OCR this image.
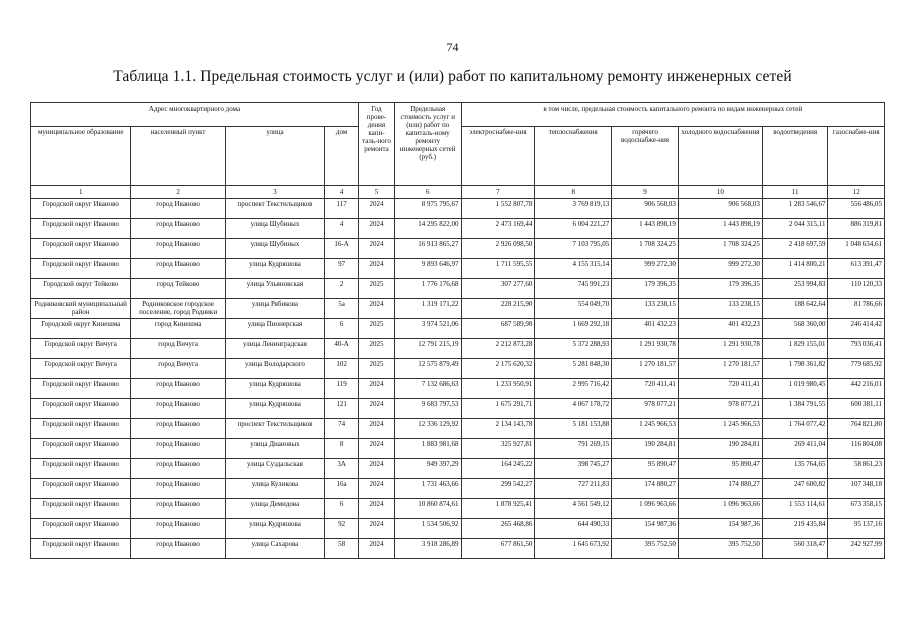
74
Таблица 1.1. Предельная стоимость услуг и (или) работ по капитальному ремонту инженерных сетей
Адрес многоквартирного дома				Год прове-дения капи-таль-ного ремонта	Предельная стоимость услуг и (или) работ по капиталь-ному ремонту инженерных сетей (руб.)	в том числе, предельная стоимость капитального ремонта по видам инженерных сетей					
муниципальное образование	населенный пункт	улица	дом			электроснабже-ния	теплоснабжения	горячего водоснабже-ния	холодного водоснабжения	водоотведения	газоснабже-ния
1	2	3	4	5	6	7	8	9	10	11	12
Городской округ Иваново	город Иваново	проспект Текстильщиков	117	2024	8 975 795,67	1 552 807,78	3 769 819,13	906 568,03	906 568,03	1 283 546,67	556 486,05
Городской округ Иваново	город Иваново	улица Шубиных	4	2024	14 295 822,00	2 473 169,44	6 004 221,27	1 443 898,19	1 443 898,19	2 044 315,11	886 319,81
Городской округ Иваново	город Иваново	улица Шубиных	16-А	2024	16 913 865,27	2 926 098,50	7 103 795,05	1 708 324,25	1 708 324,25	2 418 697,59	1 048 634,61
Городской округ Иваново	город Иваново	улица Кудряшова	97	2024	9 893 646,97	1 711 595,55	4 155 315,14	999 272,30	999 272,30	1 414 800,21	613 391,47
Городской округ Тейково	город Тейково	улица Ульяновская	2	2025	1 776 176,68	307 277,60	745 991,23	179 396,35	179 396,35	253 994,83	110 120,33
Родниковский муниципальный район	Родниковское городское поселение, город Родники	улица Рябикова	5а	2024	1 319 171,22	228 215,90	554 049,70	133 238,15	133 238,15	188 642,64	81 786,66
Городской округ Кинешма	город Кинешма	улица Пионерская	6	2025	3 974 521,06	687 589,98	1 669 292,18	401 432,23	401 432,23	568 360,00	246 414,42
Городской округ Вичуга	город Вичуга	улица Ленинградская	40-А	2025	12 791 215,19	2 212 873,28	5 372 288,93	1 291 930,78	1 291 930,78	1 829 155,01	793 036,41
Городской округ Вичуга	город Вичуга	улица Володарского	102	2025	12 575 879,49	2 175 620,32	5 281 848,30	1 270 181,57	1 270 181,57	1 798 361,82	779 685,92
Городской округ Иваново	город Иваново	улица Кудряшова	119	2024	7 132 686,63	1 233 950,91	2 995 716,42	720 411,41	720 411,41	1 019 980,45	442 216,01
Городской округ Иваново	город Иваново	улица Кудряшова	121	2024	9 683 797,53	1 675 291,71	4 067 178,72	978 077,21	978 077,21	1 384 791,55	600 381,11
Городской округ Иваново	город Иваново	проспект Текстильщиков	74	2024	12 336 129,92	2 134 143,78	5 181 153,88	1 245 966,53	1 245 966,53	1 764 077,42	764 821,80
Городской округ Иваново	город Иваново	улица Диановых	8	2024	1 883 981,68	325 927,81	791 269,15	190 284,81	190 284,81	269 411,04	116 804,08
Городской округ Иваново	город Иваново	улица Суздальская	3А	2024	949 397,29	164 245,22	398 745,27	95 890,47	95 890,47	135 764,65	58 861,23
Городской округ Иваново	город Иваново	улица Куликова	16а	2024	1 731 463,66	299 542,27	727 211,83	174 880,27	174 880,27	247 600,82	107 348,18
Городской округ Иваново	город Иваново	улица Демидова	6	2024	10 860 874,61	1 878 925,41	4 561 549,12	1 096 963,66	1 096 963,66	1 553 114,61	673 358,15
Городской округ Иваново	город Иваново	улица Кудряшова	92	2024	1 534 506,92	265 468,86	644 490,33	154 987,36	154 987,36	219 435,84	95 137,16
Городской округ Иваново	город Иваново	улица Сахарова	58	2024	3 918 286,89	677 861,50	1 645 673,92	395 752,50	395 752,50	560 318,47	242 927,99
